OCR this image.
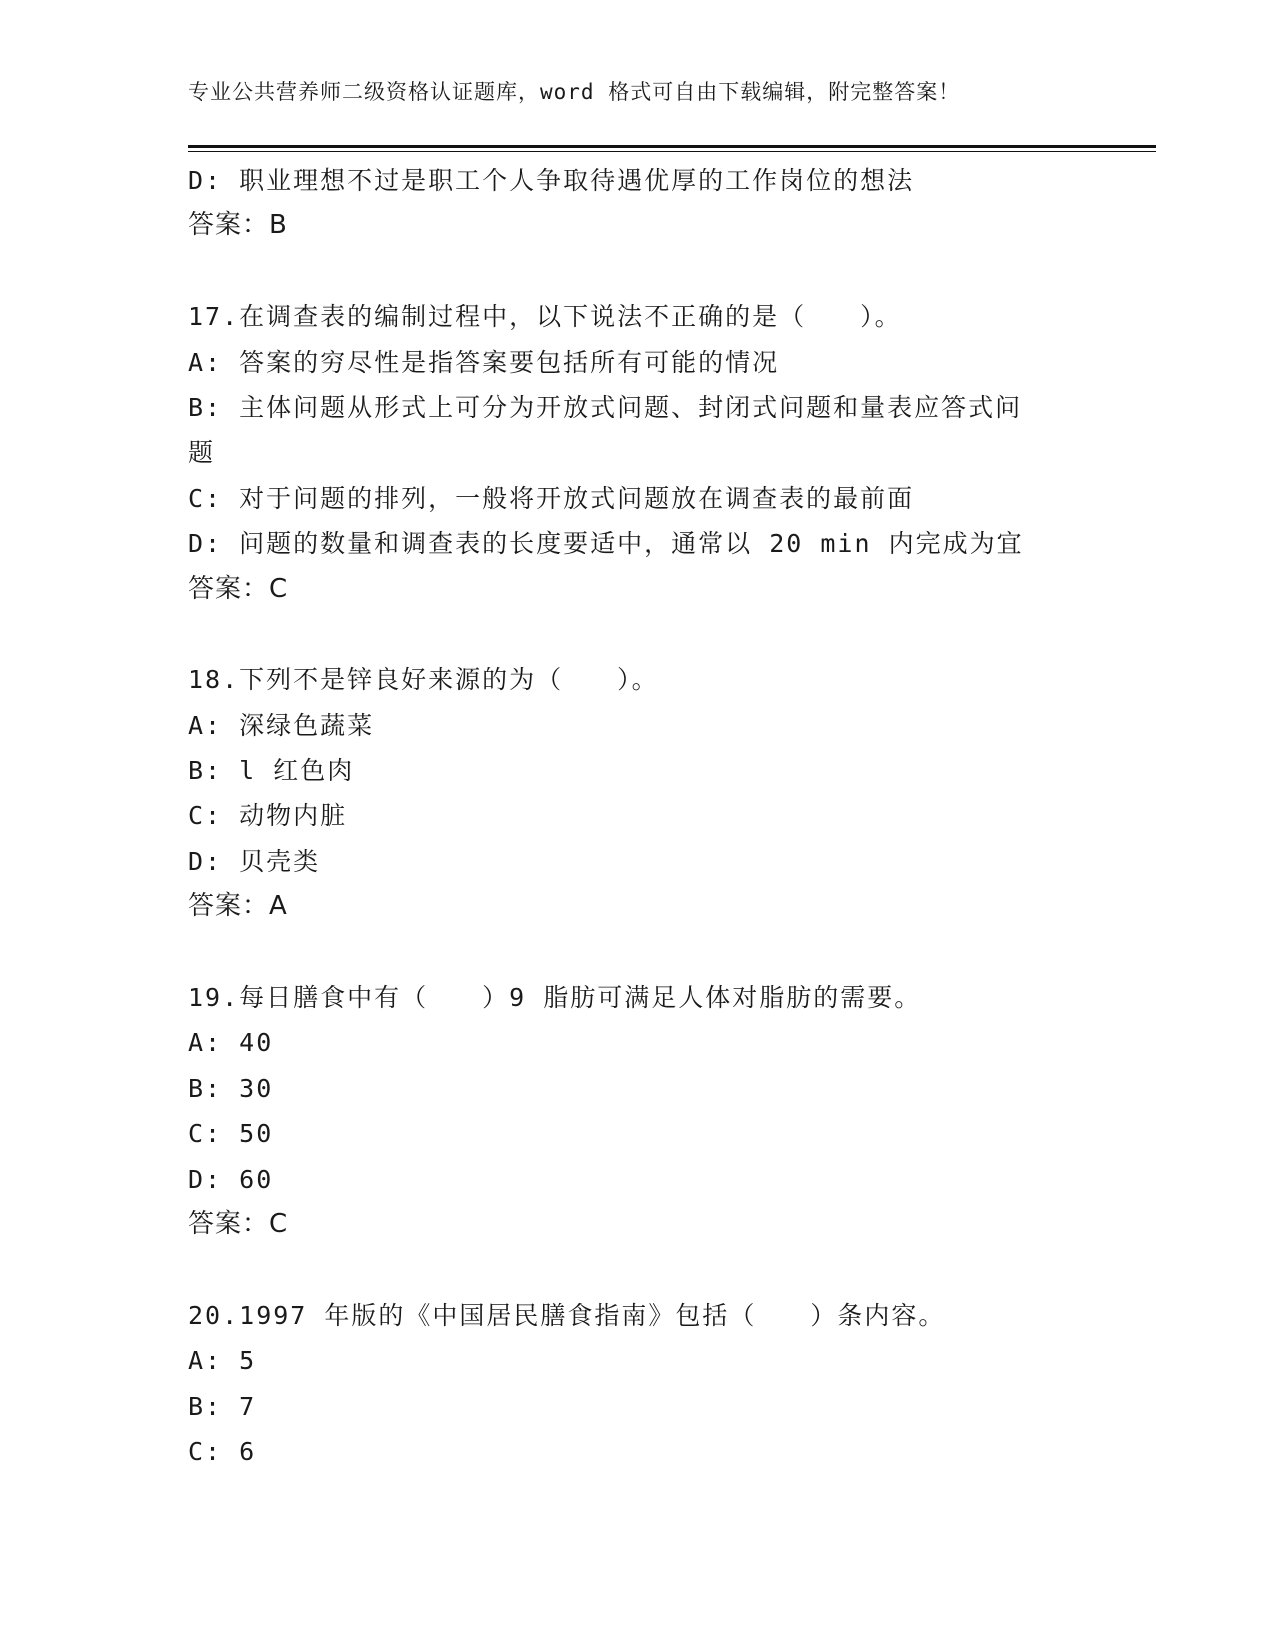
专业公共营养师二级资格认证题库，word 格式可自由下载编辑，附完整答案！
D: 职业理想不过是职工个人争取待遇优厚的工作岗位的想法
答案：B
17.在调查表的编制过程中，以下说法不正确的是（　　）。
A: 答案的穷尽性是指答案要包括所有可能的情况
B: 主体问题从形式上可分为开放式问题、封闭式问题和量表应答式问
题
C: 对于问题的排列，一般将开放式问题放在调查表的最前面
D: 问题的数量和调查表的长度要适中，通常以 20 min 内完成为宜
答案：C
18.下列不是锌良好来源的为（　　）。
A: 深绿色蔬菜
B: l 红色肉
C: 动物内脏
D: 贝壳类
答案：A
19.每日膳食中有（　　）9 脂肪可满足人体对脂肪的需要。
A: 40
B: 30
C: 50
D: 60
答案：C
20.1997 年版的《中国居民膳食指南》包括（　　）条内容。
A: 5
B: 7
C: 6
